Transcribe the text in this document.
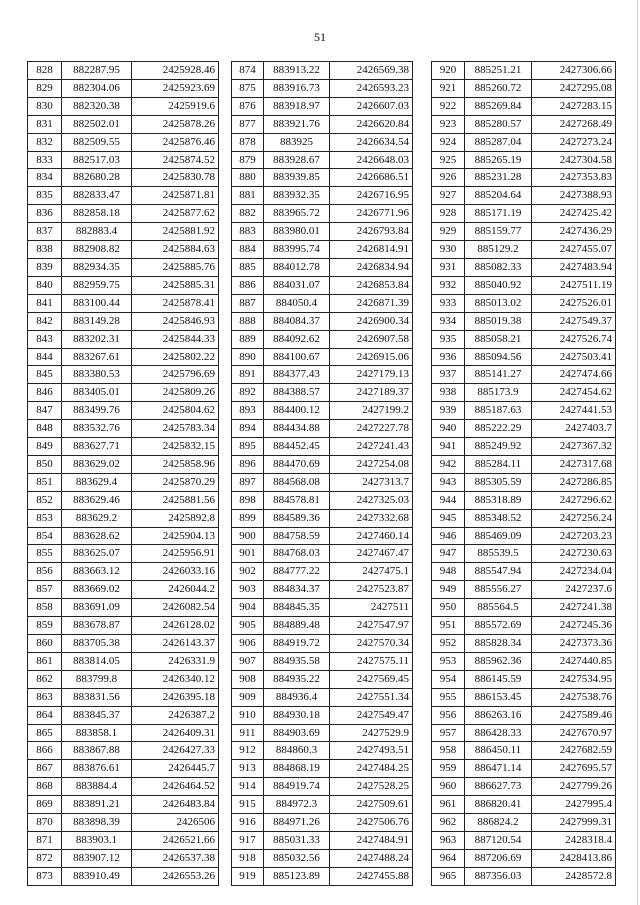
51
828	882287.95	2425928.46
829	882304.06	2425923.69
830	882320.38	2425919.6
831	882502.01	2425878.26
832	882509.55	2425876.46
833	882517.03	2425874.52
834	882680.28	2425830.78
835	882833.47	2425871.81
836	882858.18	2425877.62
837	882883.4	2425881.92
838	882908.82	2425884.63
839	882934.35	2425885.76
840	882959.75	2425885.31
841	883100.44	2425878.41
842	883149.28	2425846.93
843	883202.31	2425844.33
844	883267.61	2425802.22
845	883380.53	2425796.69
846	883405.01	2425809.26
847	883499.76	2425804.62
848	883532.76	2425783.34
849	883627.71	2425832.15
850	883629.02	2425858.96
851	883629.4	2425870.29
852	883629.46	2425881.56
853	883629.2	2425892.8
854	883628.62	2425904.13
855	883625.07	2425956.91
856	883663.12	2426033.16
857	883669.02	2426044.2
858	883691.09	2426082.54
859	883678.87	2426128.02
860	883705.38	2426143.37
861	883814.05	2426331.9
862	883799.8	2426340.12
863	883831.56	2426395.18
864	883845.37	2426387.2
865	883858.1	2426409.31
866	883867.88	2426427.33
867	883876.61	2426445.7
868	883884.4	2426464.52
869	883891.21	2426483.84
870	883898.39	2426506
871	883903.1	2426521.66
872	883907.12	2426537.38
873	883910.49	2426553.26
874	883913.22	2426569.38
875	883916.73	2426593.23
876	883918.97	2426607.03
877	883921.76	2426620.84
878	883925	2426634.54
879	883928.67	2426648.03
880	883939.85	2426686.51
881	883932.35	2426716.95
882	883965.72	2426771.96
883	883980.01	2426793.84
884	883995.74	2426814.91
885	884012.78	2426834.94
886	884031.07	2426853.84
887	884050.4	2426871.39
888	884084.37	2426900.34
889	884092.62	2426907.58
890	884100.67	2426915.06
891	884377.43	2427179.13
892	884388.57	2427189.37
893	884400.12	2427199.2
894	884434.88	2427227.78
895	884452.45	2427241.43
896	884470.69	2427254.08
897	884568.08	2427313.7
898	884578.81	2427325.03
899	884589.36	2427332.68
900	884758.59	2427460.14
901	884768.03	2427467.47
902	884777.22	2427475.1
903	884834.37	2427523.87
904	884845.35	2427511
905	884889.48	2427547.97
906	884919.72	2427570.34
907	884935.58	2427575.11
908	884935.22	2427569.45
909	884936.4	2427551.34
910	884930.18	2427549.47
911	884903.69	2427529.9
912	884860.3	2427493.51
913	884868.19	2427484.25
914	884919.74	2427528.25
915	884972.3	2427509.61
916	884971.26	2427506.76
917	885031.33	2427484.91
918	885032.56	2427488.24
919	885123.89	2427455.88
920	885251.21	2427306.66
921	885260.72	2427295.08
922	885269.84	2427283.15
923	885280.57	2427268.49
924	885287.04	2427273.24
925	885265.19	2427304.58
926	885231.28	2427353.83
927	885204.64	2427388.93
928	885171.19	2427425.42
929	885159.77	2427436.29
930	885129.2	2427455.07
931	885082.33	2427483.94
932	885040.92	2427511.19
933	885013.02	2427526.01
934	885019.38	2427549.37
935	885058.21	2427526.74
936	885094.56	2427503.41
937	885141.27	2427474.66
938	885173.9	2427454.62
939	885187.63	2427441.53
940	885222.29	2427403.7
941	885249.92	2427367.32
942	885284.11	2427317.68
943	885305.59	2427286.85
944	885318.89	2427296.62
945	885348.52	2427256.24
946	885469.09	2427203.23
947	885539.5	2427230.63
948	885547.94	2427234.04
949	885556.27	2427237.6
950	885564.5	2427241.38
951	885572.69	2427245.36
952	885828.34	2427373.36
953	885962.36	2427440.85
954	886145.59	2427534.95
955	886153.45	2427538.76
956	886263.16	2427589.46
957	886428.33	2427670.97
958	886450.11	2427682.59
959	886471.14	2427695.57
960	886627.73	2427799.26
961	886820.41	2427995.4
962	886824.2	2427999.31
963	887120.54	2428318.4
964	887206.69	2428413.86
965	887356.03	2428572.8
